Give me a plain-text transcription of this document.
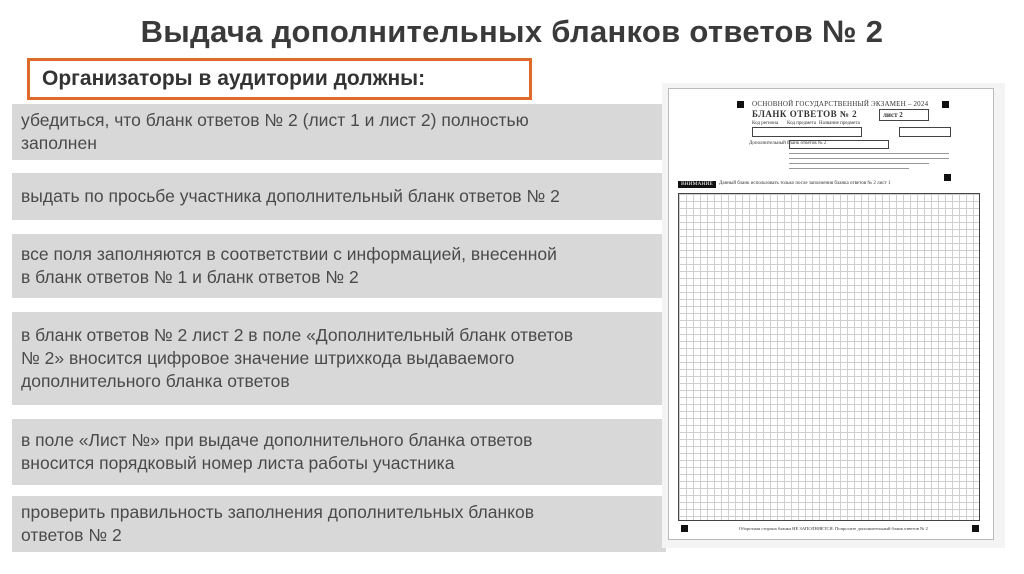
Выдача дополнительных бланков ответов № 2
Организаторы в аудитории должны:
убедиться, что бланк ответов № 2 (лист 1 и лист 2) полностью
заполнен
выдать по просьбе участника дополнительный бланк ответов № 2
все поля заполняются в соответствии с информацией, внесенной
в бланк ответов № 1 и бланк ответов № 2
в бланк ответов № 2 лист 2 в поле «Дополнительный бланк ответов
№ 2» вносится цифровое значение штрихкода выдаваемого
дополнительного бланка ответов
в поле «Лист №» при выдаче дополнительного бланка ответов
вносится порядковый номер листа работы участника
проверить правильность заполнения дополнительных бланков
ответов № 2
ОСНОВНОЙ ГОСУДАРСТВЕННЫЙ ЭКЗАМЕН – 2024
БЛАНК ОТВЕТОВ № 2	лист 2
Код региона Код предмета Название предмета
Дополнительный бланк ответов № 2
ВНИМАНИЕ	Данный бланк использовать только после заполнения бланка ответов № 2 лист 1
Оборотная сторона бланка НЕ ЗАПОЛНЯЕТСЯ. Попросите дополнительный бланк ответов № 2
